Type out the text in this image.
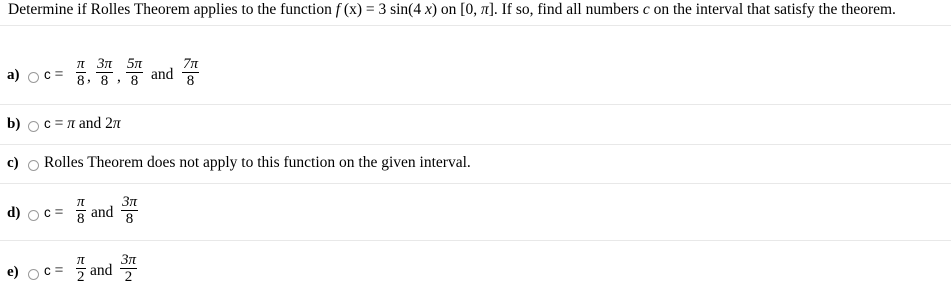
Determine if Rolles Theorem applies to the function f (x) = 3 sin(4 x) on [0, π]. If so, find all numbers c on the interval that satisfy the theorem.
a) c =
π
8 ,
3π
8 ,
5π
8 and
7π
8
b) c = π and 2π
c) Rolles Theorem does not apply to this function on the given interval.
d) c =
π
8 and
3π
8
e) c =
π
2 and
3π
2
